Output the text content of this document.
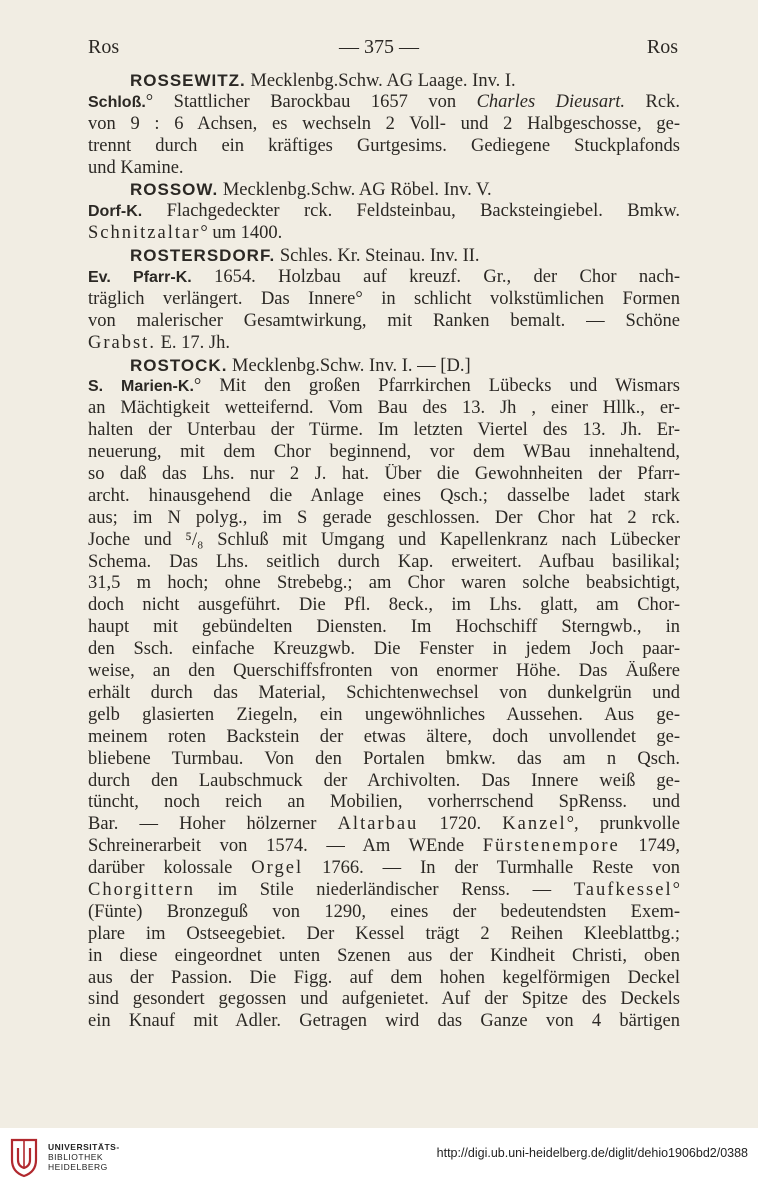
Ros	— 375 —	Ros
ROSSEWITZ. Mecklenbg.Schw. AG Laage. Inv. I.
Schloß.° Stattlicher Barockbau 1657 von Charles Dieusart. Rck.
von 9 : 6 Achsen, es wechseln 2 Voll- und 2 Halbgeschosse, ge-
trennt durch ein kräftiges Gurtgesims. Gediegene Stuckplafonds
und Kamine.
ROSSOW. Mecklenbg.Schw. AG Röbel. Inv. V.
Dorf-K. Flachgedeckter rck. Feldsteinbau, Backsteingiebel. Bmkw.
Schnitzaltar° um 1400.
ROSTERSDORF. Schles. Kr. Steinau. Inv. II.
Ev. Pfarr-K. 1654. Holzbau auf kreuzf. Gr., der Chor nach-
träglich verlängert. Das Innere° in schlicht volkstümlichen Formen
von malerischer Gesamtwirkung, mit Ranken bemalt. — Schöne
Grabst. E. 17. Jh.
ROSTOCK. Mecklenbg.Schw. Inv. I. — [D.]
S. Marien-K.° Mit den großen Pfarrkirchen Lübecks und Wismars
an Mächtigkeit wetteifernd. Vom Bau des 13. Jh , einer Hllk., er-
halten der Unterbau der Türme. Im letzten Viertel des 13. Jh. Er-
neuerung, mit dem Chor beginnend, vor dem WBau innehaltend,
so daß das Lhs. nur 2 J. hat. Über die Gewohnheiten der Pfarr-
archt. hinausgehend die Anlage eines Qsch.; dasselbe ladet stark
aus; im N polyg., im S gerade geschlossen. Der Chor hat 2 rck.
Joche und ⁵/₈ Schluß mit Umgang und Kapellenkranz nach Lübecker
Schema. Das Lhs. seitlich durch Kap. erweitert. Aufbau basilikal;
31,5 m hoch; ohne Strebebg.; am Chor waren solche beabsichtigt,
doch nicht ausgeführt. Die Pfl. 8eck., im Lhs. glatt, am Chor-
haupt mit gebündelten Diensten. Im Hochschiff Sterngwb., in
den Ssch. einfache Kreuzgwb. Die Fenster in jedem Joch paar-
weise, an den Querschiffsfronten von enormer Höhe. Das Äußere
erhält durch das Material, Schichtenwechsel von dunkelgrün und
gelb glasierten Ziegeln, ein ungewöhnliches Aussehen. Aus ge-
meinem roten Backstein der etwas ältere, doch unvollendet ge-
bliebene Turmbau. Von den Portalen bmkw. das am n Qsch.
durch den Laubschmuck der Archivolten. Das Innere weiß ge-
tüncht, noch reich an Mobilien, vorherrschend SpRenss. und
Bar. — Hoher hölzerner Altarbau 1720. Kanzel°, prunkvolle
Schreinerarbeit von 1574. — Am WEnde Fürstenempore 1749,
darüber kolossale Orgel 1766. — In der Turmhalle Reste von
Chorgittern im Stile niederländischer Renss. — Taufkessel°
(Fünte) Bronzeguß von 1290, eines der bedeutendsten Exem-
plare im Ostseegebiet. Der Kessel trägt 2 Reihen Kleeblattbg.;
in diese eingeordnet unten Szenen aus der Kindheit Christi, oben
aus der Passion. Die Figg. auf dem hohen kegelförmigen Deckel
sind gesondert gegossen und aufgenietet. Auf der Spitze des Deckels
ein Knauf mit Adler. Getragen wird das Ganze von 4 bärtigen
UNIVERSITÄTS-
BIBLIOTHEK
HEIDELBERG
http://digi.ub.uni-heidelberg.de/diglit/dehio1906bd2/0388
